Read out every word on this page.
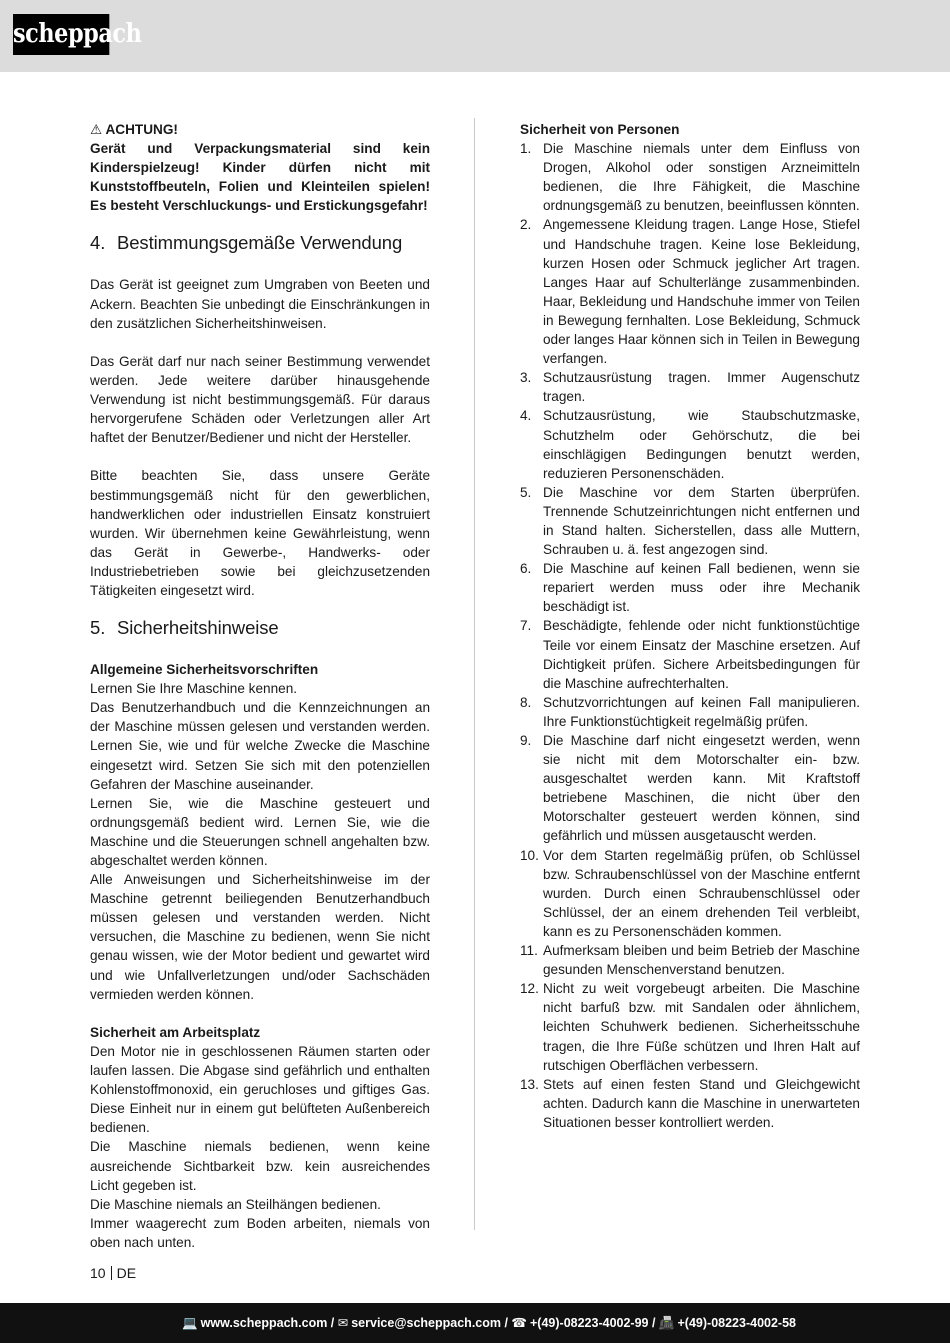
scheppach

⚠ ACHTUNG!

Gerät und Verpackungsmaterial sind kein Kinderspielzeug! Kinder dürfen nicht mit Kunststoffbeuteln, Folien und Kleinteilen spielen! Es besteht Verschluckungs- und Erstickungsgefahr!

4. Bestimmungsgemäße Verwendung

Das Gerät ist geeignet zum Umgraben von Beeten und Ackern. Beachten Sie unbedingt die Einschränkungen in den zusätzlichen Sicherheitshinweisen.

Das Gerät darf nur nach seiner Bestimmung verwendet werden. Jede weitere darüber hinausgehende Verwendung ist nicht bestimmungsgemäß. Für daraus hervorgerufene Schäden oder Verletzungen aller Art haftet der Benutzer/Bediener und nicht der Hersteller.

Bitte beachten Sie, dass unsere Geräte bestimmungsgemäß nicht für den gewerblichen, handwerklichen oder industriellen Einsatz konstruiert wurden. Wir übernehmen keine Gewährleistung, wenn das Gerät in Gewerbe-, Handwerks- oder Industriebetrieben sowie bei gleichzusetzenden Tätigkeiten eingesetzt wird.

5. Sicherheitshinweise

Allgemeine Sicherheitsvorschriften

Lernen Sie Ihre Maschine kennen.

Das Benutzerhandbuch und die Kennzeichnungen an der Maschine müssen gelesen und verstanden werden. Lernen Sie, wie und für welche Zwecke die Maschine eingesetzt wird. Setzen Sie sich mit den potenziellen Gefahren der Maschine auseinander.

Lernen Sie, wie die Maschine gesteuert und ordnungsgemäß bedient wird. Lernen Sie, wie die Maschine und die Steuerungen schnell angehalten bzw. abgeschaltet werden können.

Alle Anweisungen und Sicherheitshinweise im der Maschine getrennt beiliegenden Benutzerhandbuch müssen gelesen und verstanden werden. Nicht versuchen, die Maschine zu bedienen, wenn Sie nicht genau wissen, wie der Motor bedient und gewartet wird und wie Unfallverletzungen und/oder Sachschäden vermieden werden können.

Sicherheit am Arbeitsplatz

Den Motor nie in geschlossenen Räumen starten oder laufen lassen. Die Abgase sind gefährlich und enthalten Kohlenstoffmonoxid, ein geruchloses und giftiges Gas. Diese Einheit nur in einem gut belüfteten Außenbereich bedienen.

Die Maschine niemals bedienen, wenn keine ausreichende Sichtbarkeit bzw. kein ausreichendes Licht gegeben ist.

Die Maschine niemals an Steilhängen bedienen.

Immer waagerecht zum Boden arbeiten, niemals von oben nach unten.

Sicherheit von Personen

1. Die Maschine niemals unter dem Einfluss von Drogen, Alkohol oder sonstigen Arzneimitteln bedienen, die Ihre Fähigkeit, die Maschine ordnungsgemäß zu benutzen, beeinflussen könnten.
2. Angemessene Kleidung tragen. Lange Hose, Stiefel und Handschuhe tragen. Keine lose Bekleidung, kurzen Hosen oder Schmuck jeglicher Art tragen. Langes Haar auf Schulterlänge zusammenbinden. Haar, Bekleidung und Handschuhe immer von Teilen in Bewegung fernhalten. Lose Bekleidung, Schmuck oder langes Haar können sich in Teilen in Bewegung verfangen.
3. Schutzausrüstung tragen. Immer Augenschutz tragen.
4. Schutzausrüstung, wie Staubschutzmaske, Schutzhelm oder Gehörschutz, die bei einschlägigen Bedingungen benutzt werden, reduzieren Personenschäden.
5. Die Maschine vor dem Starten überprüfen. Trennende Schutzeinrichtungen nicht entfernen und in Stand halten. Sicherstellen, dass alle Muttern, Schrauben u. ä. fest angezogen sind.
6. Die Maschine auf keinen Fall bedienen, wenn sie repariert werden muss oder ihre Mechanik beschädigt ist.
7. Beschädigte, fehlende oder nicht funktionstüchtige Teile vor einem Einsatz der Maschine ersetzen. Auf Dichtigkeit prüfen. Sichere Arbeitsbedingungen für die Maschine aufrechterhalten.
8. Schutzvorrichtungen auf keinen Fall manipulieren. Ihre Funktionstüchtigkeit regelmäßig prüfen.
9. Die Maschine darf nicht eingesetzt werden, wenn sie nicht mit dem Motorschalter ein- bzw. ausgeschaltet werden kann. Mit Kraftstoff betriebene Maschinen, die nicht über den Motorschalter gesteuert werden können, sind gefährlich und müssen ausgetauscht werden.
10. Vor dem Starten regelmäßig prüfen, ob Schlüssel bzw. Schraubenschlüssel von der Maschine entfernt wurden. Durch einen Schraubenschlüssel oder Schlüssel, der an einem drehenden Teil verbleibt, kann es zu Personenschäden kommen.
11. Aufmerksam bleiben und beim Betrieb der Maschine gesunden Menschenverstand benutzen.
12. Nicht zu weit vorgebeugt arbeiten. Die Maschine nicht barfuß bzw. mit Sandalen oder ähnlichem, leichten Schuhwerk bedienen. Sicherheitsschuhe tragen, die Ihre Füße schützen und Ihren Halt auf rutschigen Oberflächen verbessern.
13. Stets auf einen festen Stand und Gleichgewicht achten. Dadurch kann die Maschine in unerwarteten Situationen besser kontrolliert werden.
10 DE
💻 www.scheppach.com / ✉ service@scheppach.com / ☎ +(49)-08223-4002-99 / 📠 +(49)-08223-4002-58
